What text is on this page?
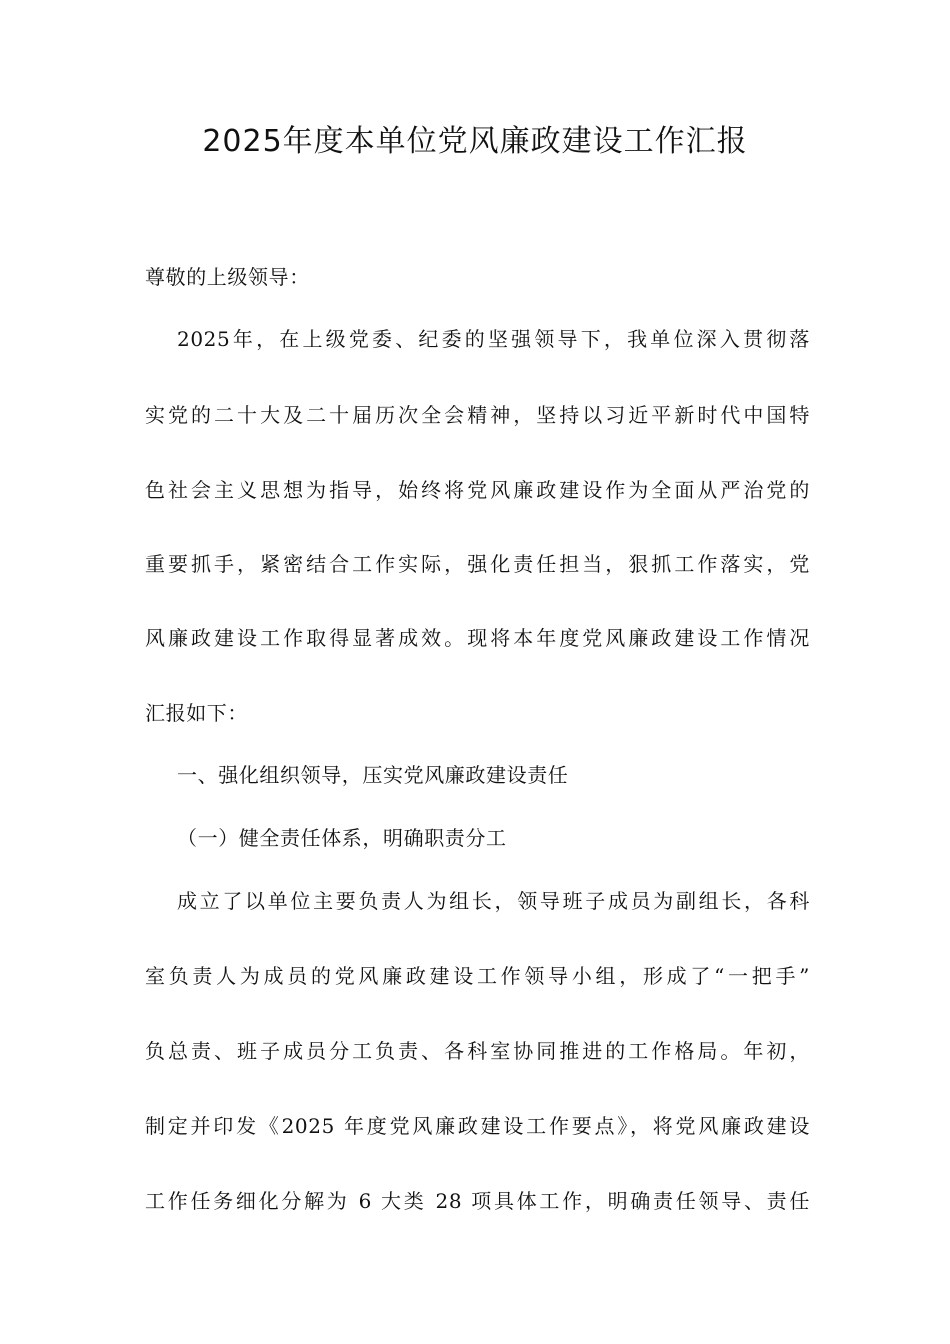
2025年度本单位党风廉政建设工作汇报
尊敬的上级领导：
2025年，在上级党委、纪委的坚强领导下，我单位深入贯彻落
实党的二十大及二十届历次全会精神，坚持以习近平新时代中国特
色社会主义思想为指导，始终将党风廉政建设作为全面从严治党的
重要抓手，紧密结合工作实际，强化责任担当，狠抓工作落实，党
风廉政建设工作取得显著成效。现将本年度党风廉政建设工作情况
汇报如下：
一、强化组织领导，压实党风廉政建设责任
（一）健全责任体系，明确职责分工
成立了以单位主要负责人为组长，领导班子成员为副组长，各科
室负责人为成员的党风廉政建设工作领导小组，形成了“一把手”
负总责、班子成员分工负责、各科室协同推进的工作格局。年初，
制定并印发《2025 年度党风廉政建设工作要点》，将党风廉政建设
工作任务细化分解为 6 大类 28 项具体工作，明确责任领导、责任
